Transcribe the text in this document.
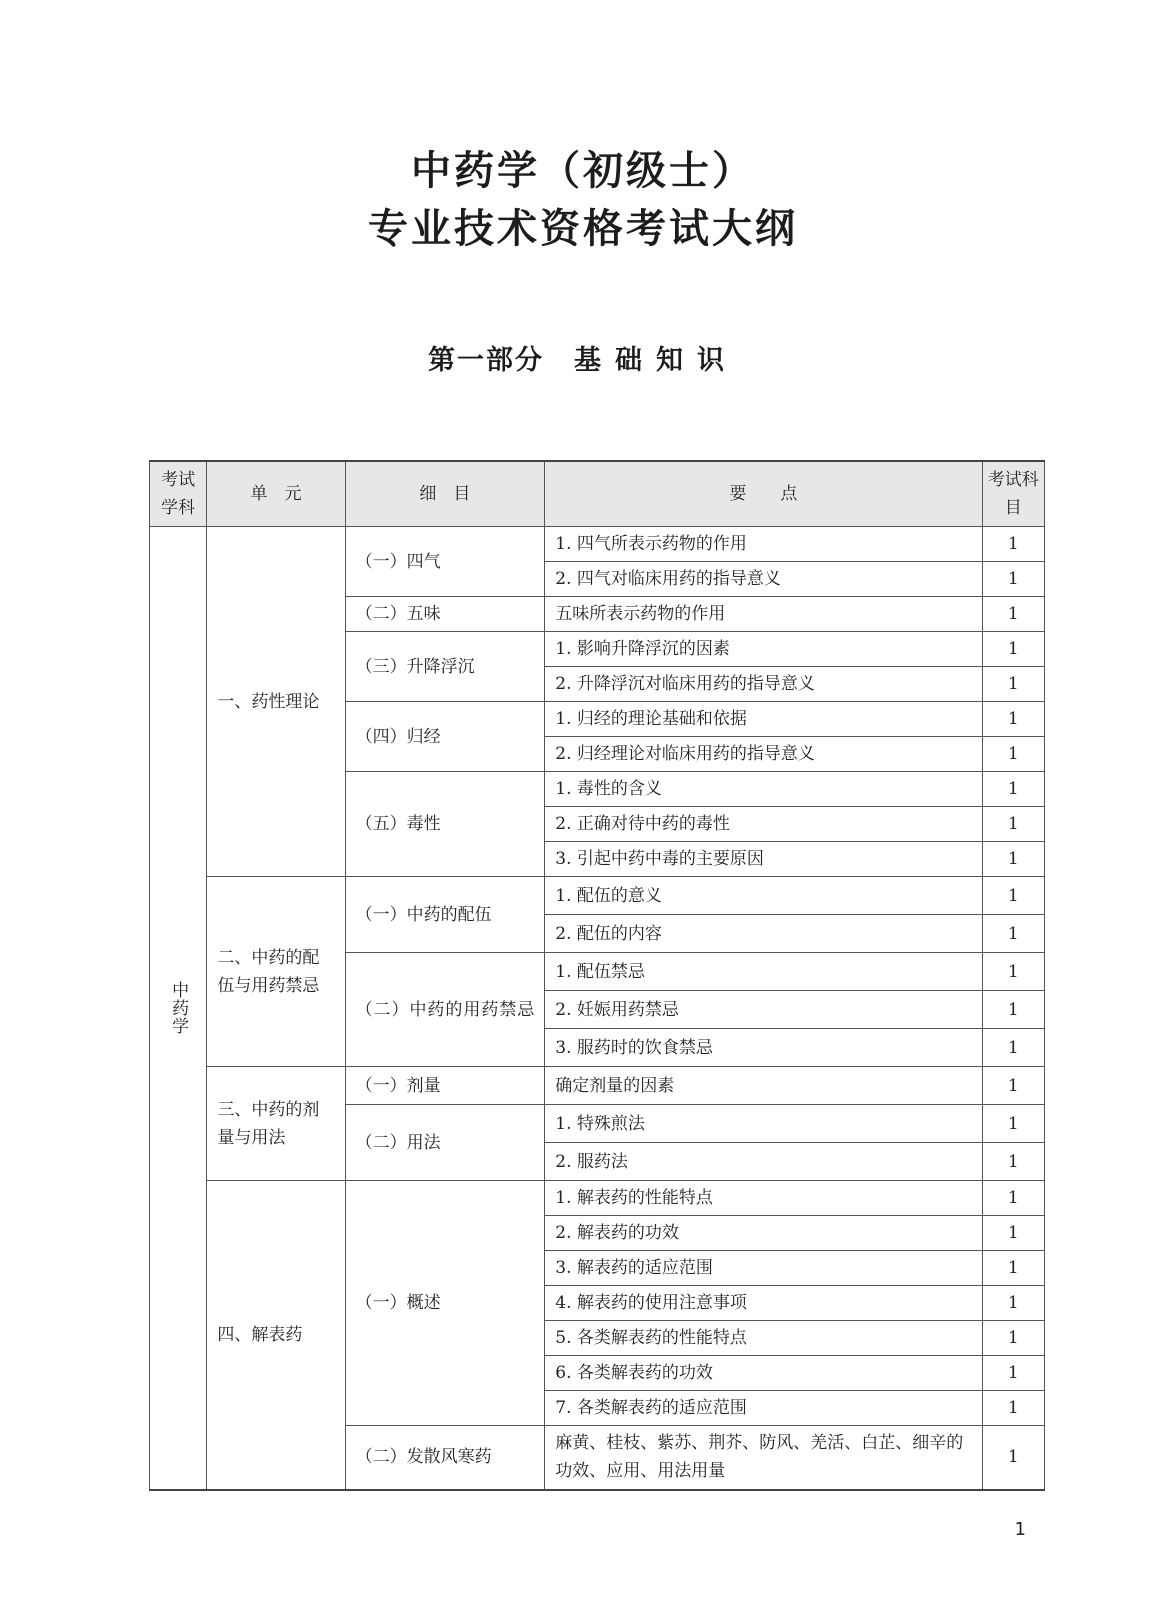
中药学（初级士）
专业技术资格考试大纲
第一部分 基础知识
考试学科	单　元	细　目	要　　点	考试科目
中药学	一、药性理论	（一）四气	1. 四气所表示药物的作用	1
			2. 四气对临床用药的指导意义	1
		（二）五味	五味所表示药物的作用	1
		（三）升降浮沉	1. 影响升降浮沉的因素	1
			2. 升降浮沉对临床用药的指导意义	1
		（四）归经	1. 归经的理论基础和依据	1
			2. 归经理论对临床用药的指导意义	1
		（五）毒性	1. 毒性的含义	1
			2. 正确对待中药的毒性	1
			3. 引起中药中毒的主要原因	1
	二、中药的配伍与用药禁忌	（一）中药的配伍	1. 配伍的意义	1
			2. 配伍的内容	1

		（二）中药的用药禁忌	1. 配伍禁忌	1
			2. 妊娠用药禁忌	1
			3. 服药时的饮食禁忌	1
	三、中药的剂量与用法	（一）剂量	确定剂量的因素	1
		（二）用法	1. 特殊煎法	1
			2. 服药法	1
	四、解表药	（一）概述	1. 解表药的性能特点	1
			2. 解表药的功效	1
			3. 解表药的适应范围	1
			4. 解表药的使用注意事项	1
			5. 各类解表药的性能特点	1
			6. 各类解表药的功效	1
			7. 各类解表药的适应范围	1
		（二）发散风寒药	麻黄、桂枝、紫苏、荆芥、防风、羌活、白芷、细辛的功效、应用、用法用量	1
1
